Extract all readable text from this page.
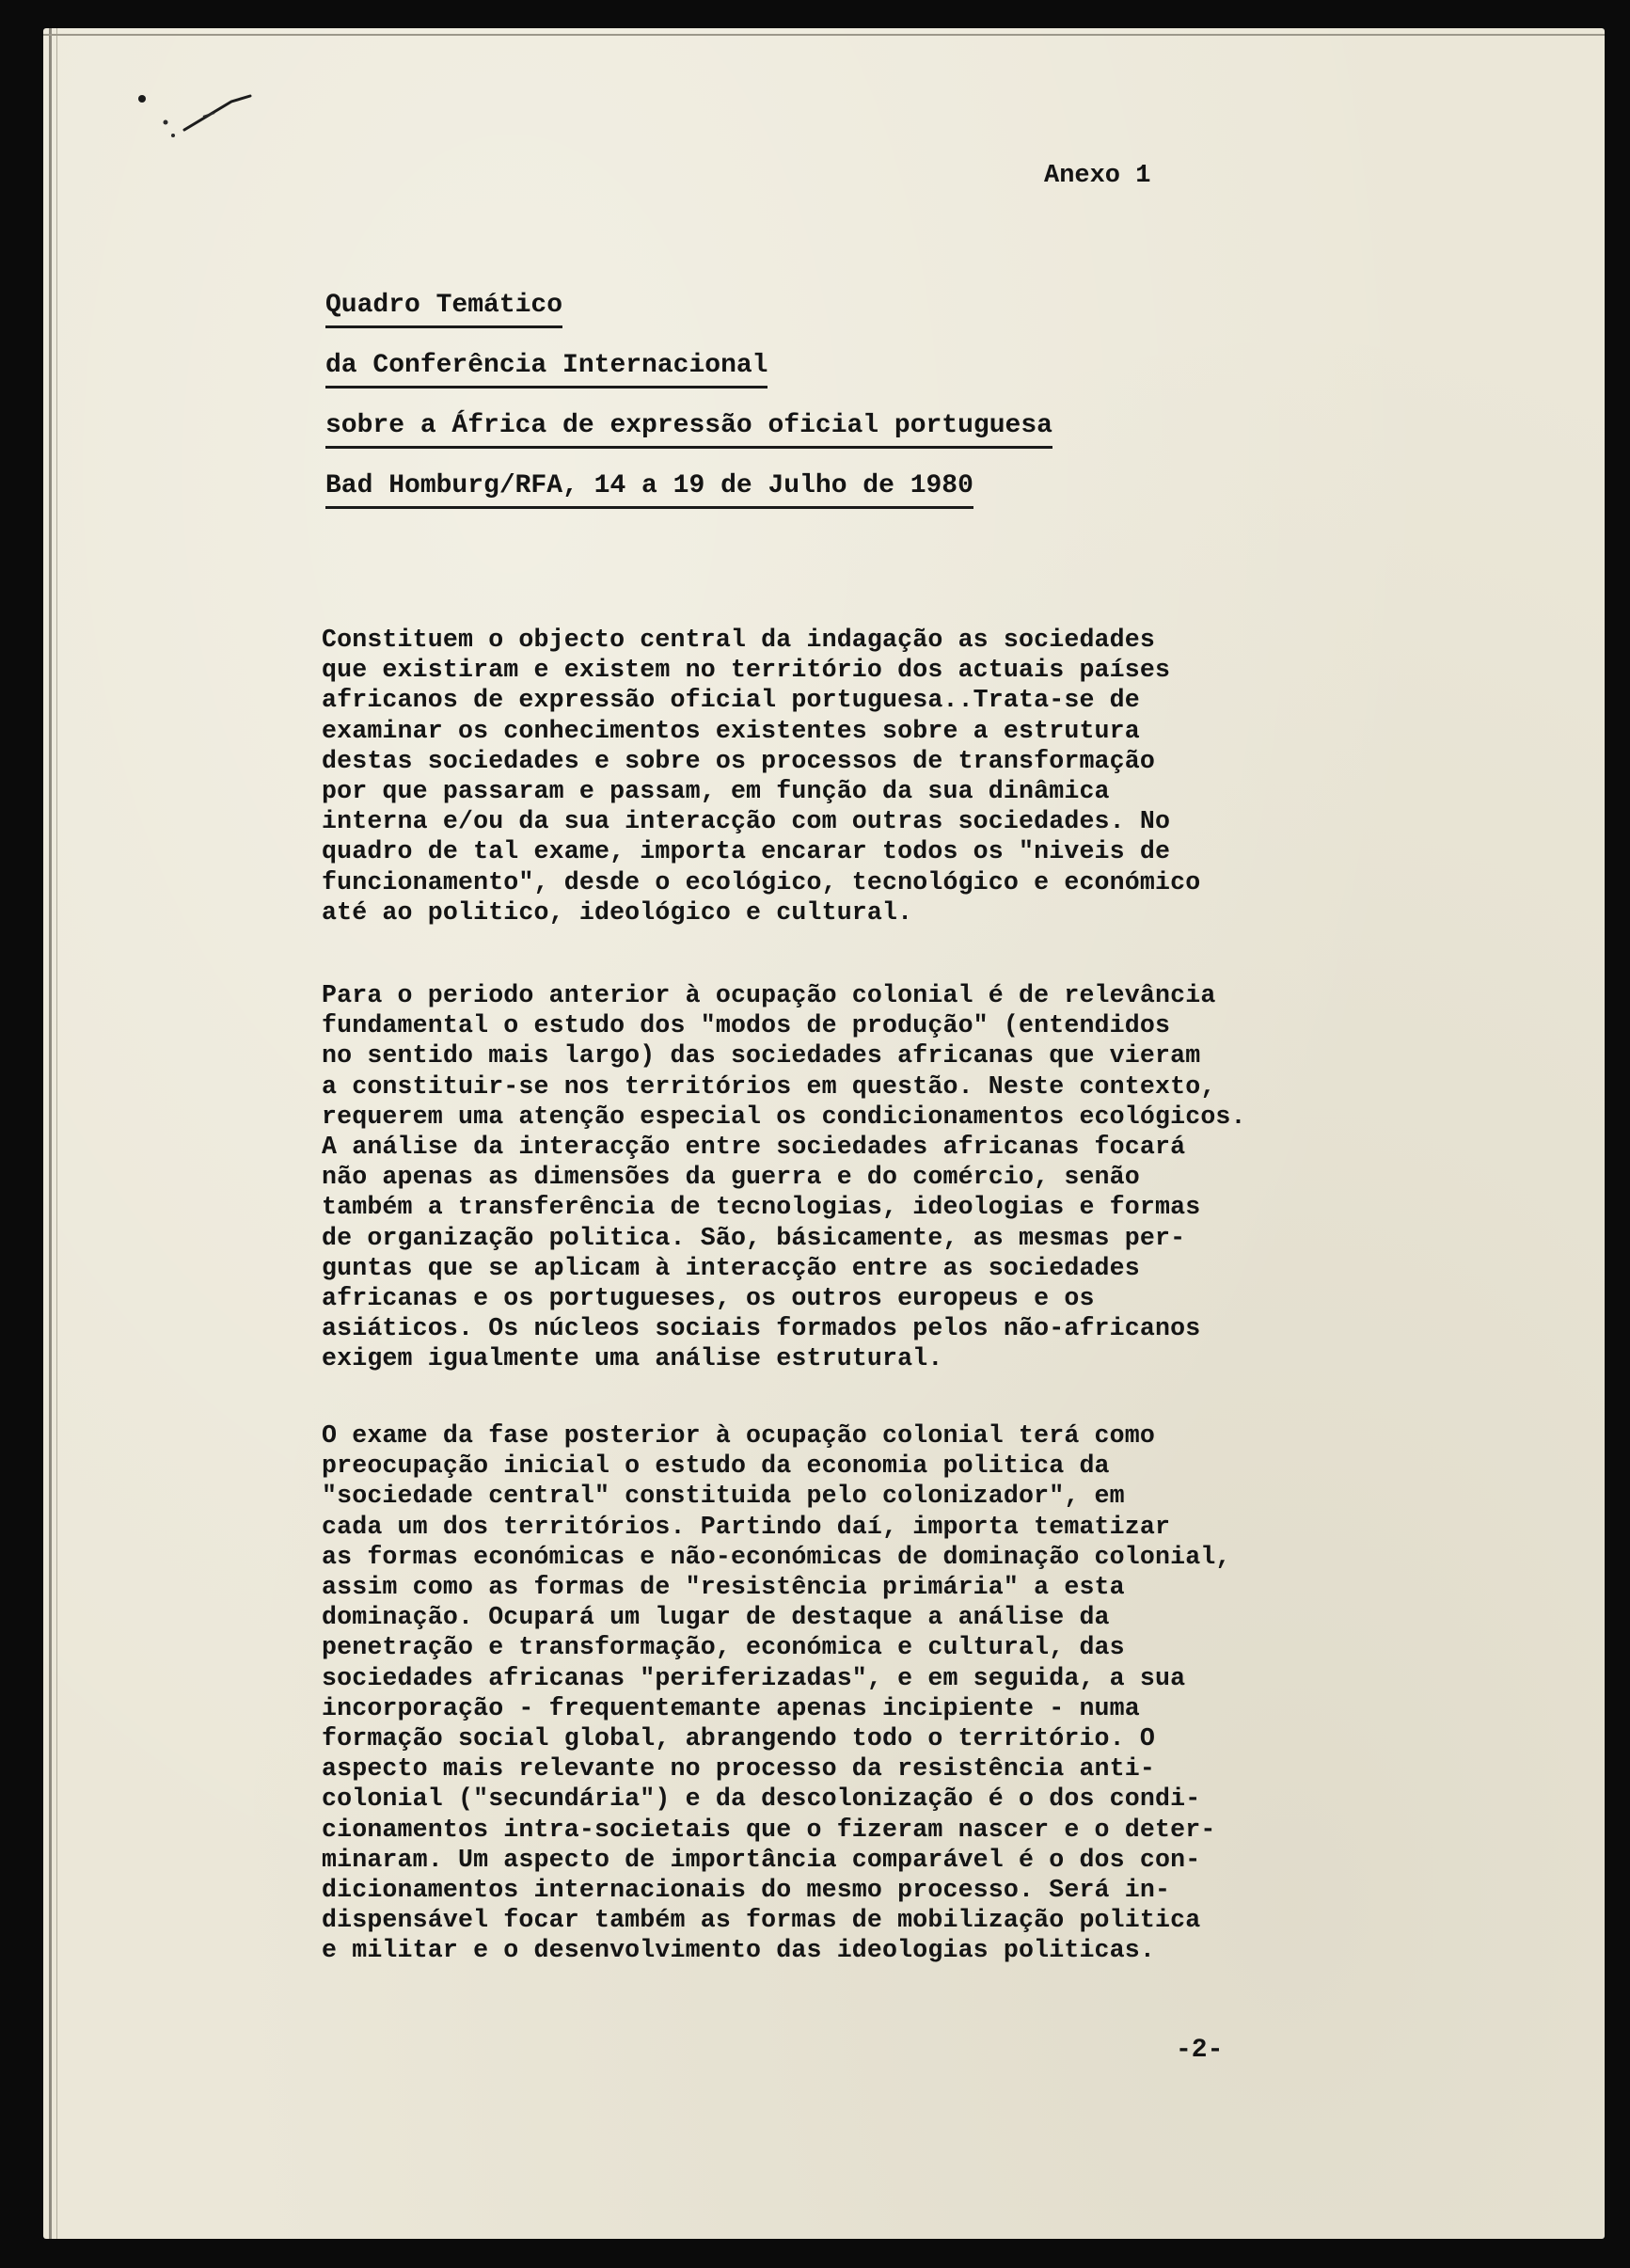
Anexo 1

Quadro Temático
da Conferência Internacional
sobre a África de expressão oficial portuguesa
Bad Homburg/RFA, 14 a 19 de Julho de 1980

Constituem o objecto central da indagação as sociedades
que existiram e existem no território dos actuais países
africanos de expressão oficial portuguesa..Trata-se de
examinar os conhecimentos existentes sobre a estrutura
destas sociedades e sobre os processos de transformação
por que passaram e passam, em função da sua dinâmica
interna e/ou da sua interacção com outras sociedades. No
quadro de tal exame, importa encarar todos os "niveis de
funcionamento", desde o ecológico, tecnológico e económico
até ao politico, ideológico e cultural.

Para o periodo anterior à ocupação colonial é de relevância
fundamental o estudo dos "modos de produção" (entendidos
no sentido mais largo) das sociedades africanas que vieram
a constituir-se nos territórios em questão. Neste contexto,
requerem uma atenção especial os condicionamentos ecológicos.
A análise da interacção entre sociedades africanas focará
não apenas as dimensões da guerra e do comércio, senão
também a transferência de tecnologias, ideologias e formas
de organização politica. São, básicamente, as mesmas per-
guntas que se aplicam à interacção entre as sociedades
africanas e os portugueses, os outros europeus e os
asiáticos. Os núcleos sociais formados pelos não-africanos
exigem igualmente uma análise estrutural.

O exame da fase posterior à ocupação colonial terá como
preocupação inicial o estudo da economia politica da
"sociedade central" constituida pelo colonizador", em
cada um dos territórios. Partindo daí, importa tematizar
as formas económicas e não-económicas de dominação colonial,
assim como as formas de "resistência primária" a esta
dominação. Ocupará um lugar de destaque a análise da
penetração e transformação, económica e cultural, das
sociedades africanas "periferizadas", e em seguida, a sua
incorporação - frequentemante apenas incipiente - numa
formação social global, abrangendo todo o território. O
aspecto mais relevante no processo da resistência anti-
colonial ("secundária") e da descolonização é o dos condi-
cionamentos intra-societais que o fizeram nascer e o deter-
minaram. Um aspecto de importância comparável é o dos con-
dicionamentos internacionais do mesmo processo. Será in-
dispensável focar também as formas de mobilização politica
e militar e o desenvolvimento das ideologias politicas.

-2-
